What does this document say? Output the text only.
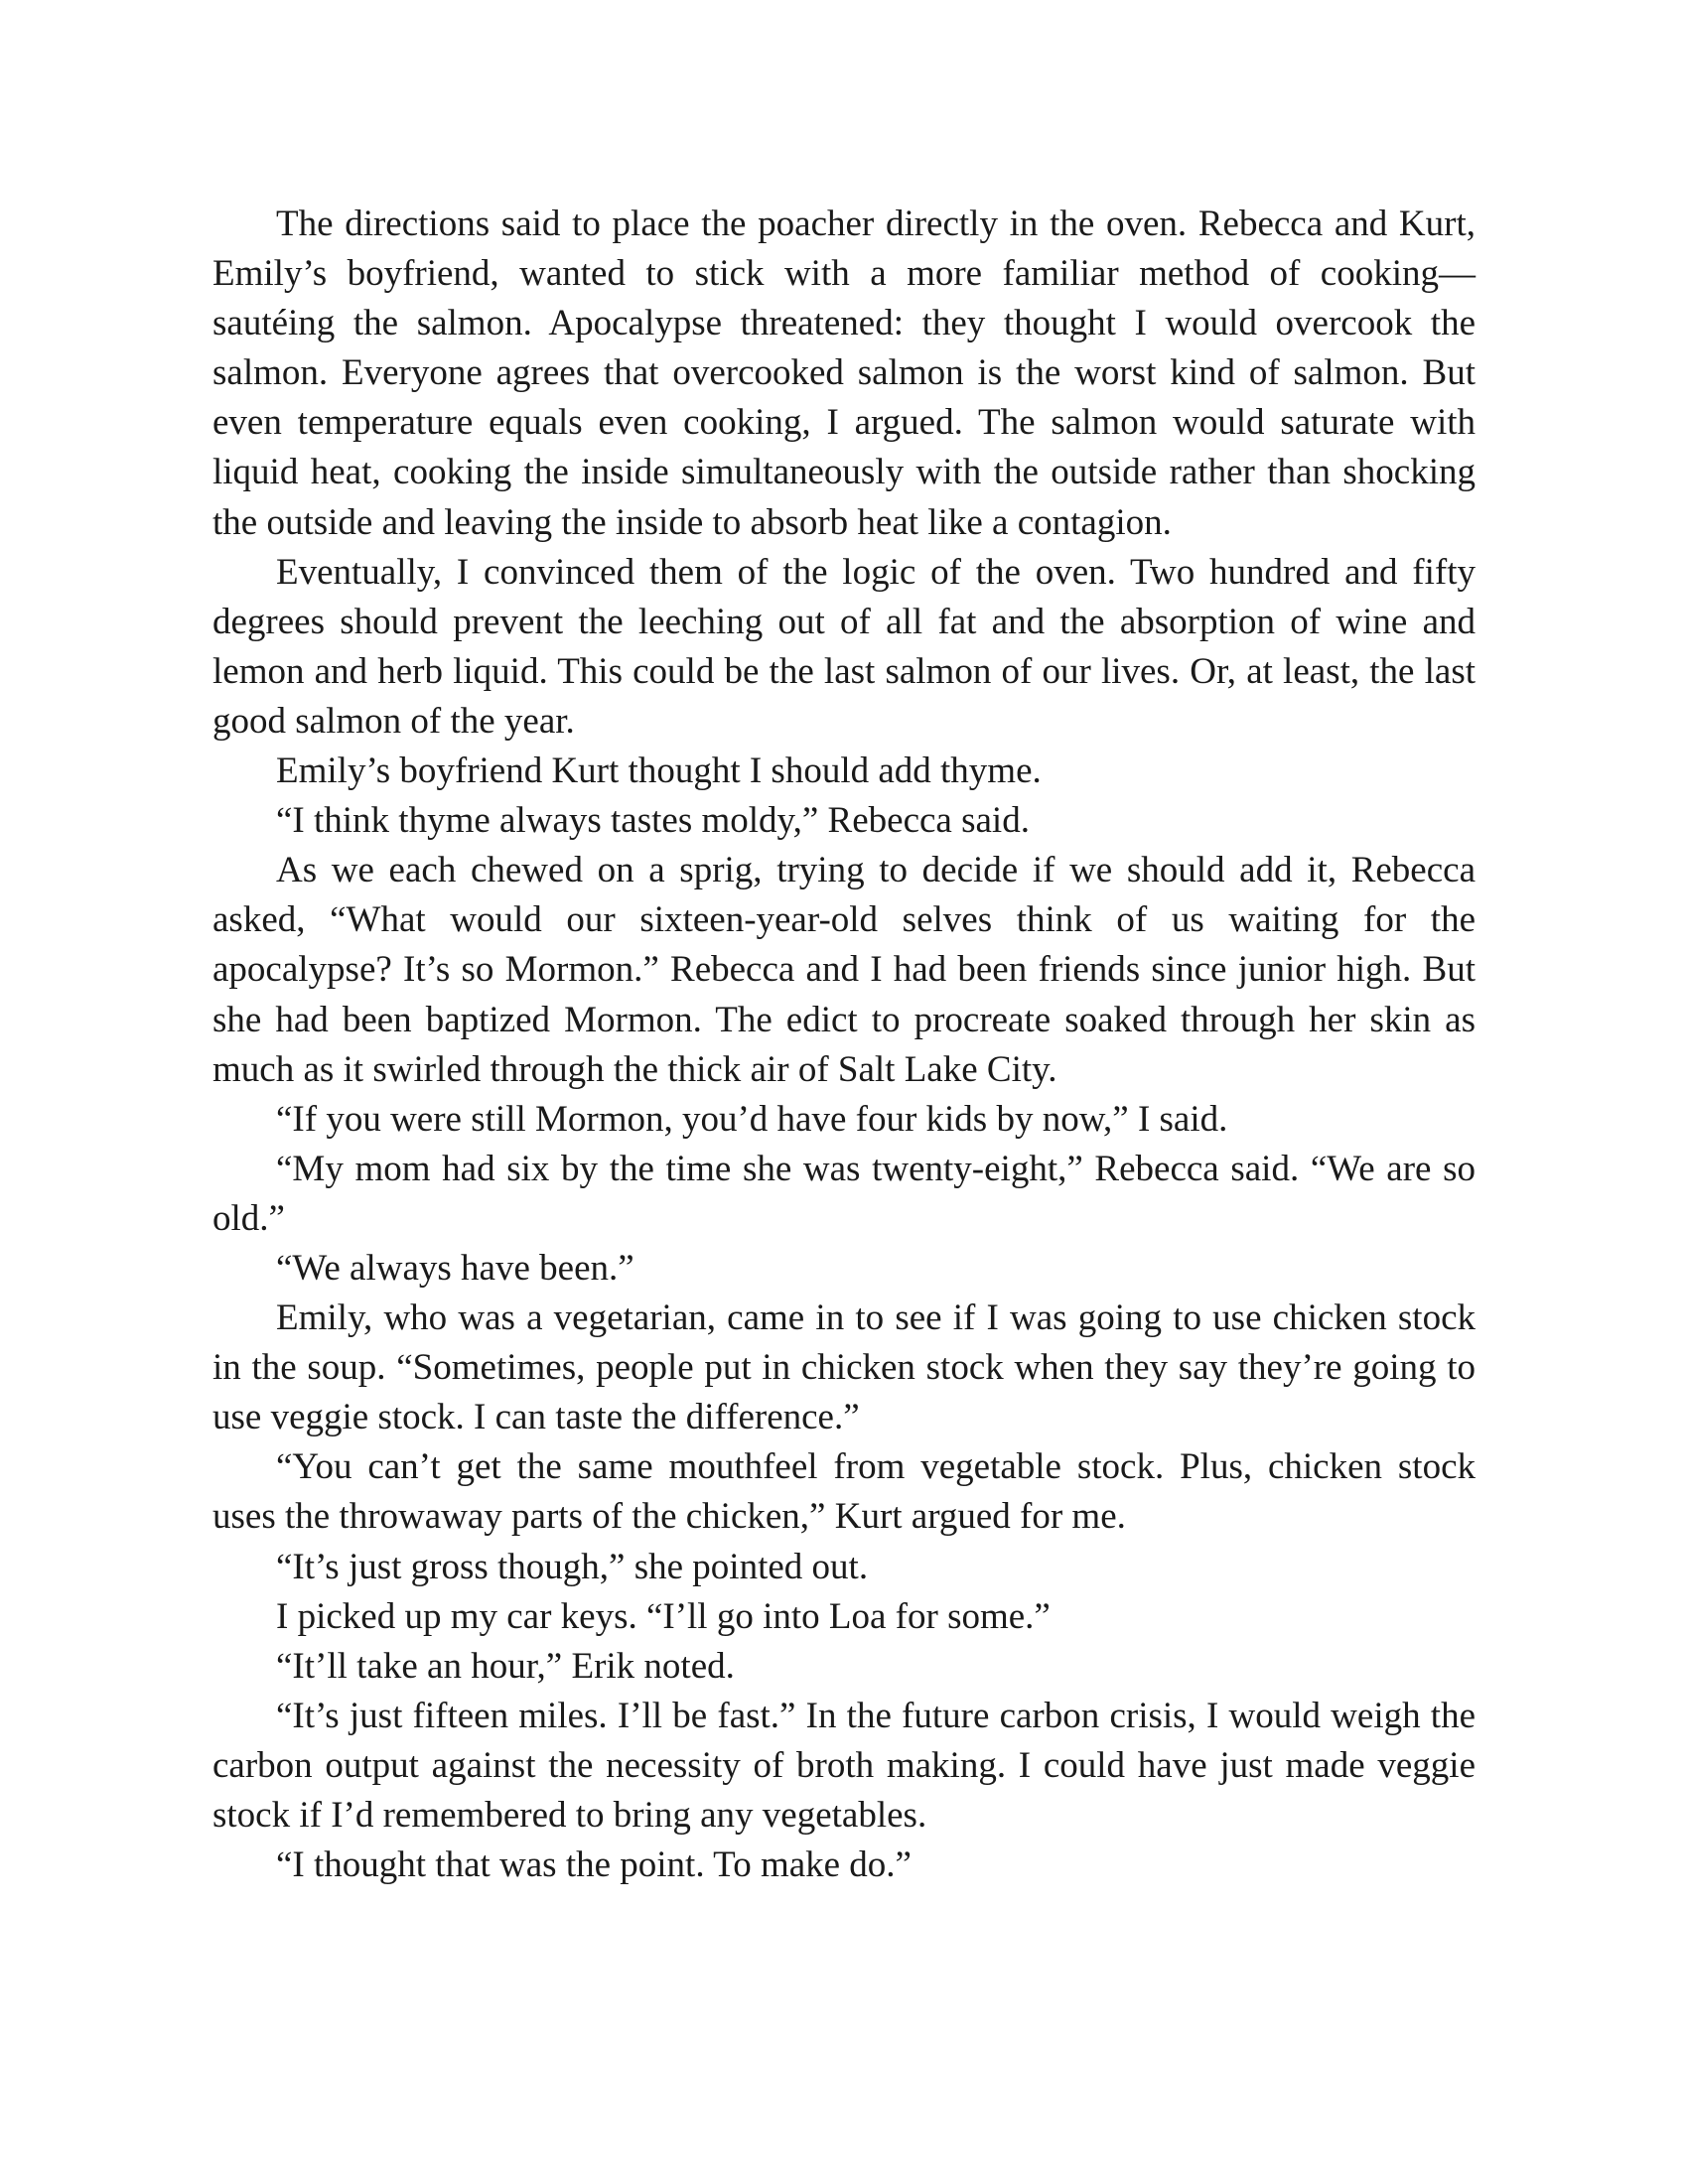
The directions said to place the poacher directly in the oven. Rebecca and Kurt, Emily’s boyfriend, wanted to stick with a more familiar method of cooking—sautéing the salmon. Apocalypse threatened: they thought I would overcook the salmon. Everyone agrees that overcooked salmon is the worst kind of salmon. But even temperature equals even cooking, I argued. The salmon would saturate with liquid heat, cooking the inside simultaneously with the outside rather than shocking the outside and leaving the inside to absorb heat like a contagion.

Eventually, I convinced them of the logic of the oven. Two hundred and fifty degrees should prevent the leeching out of all fat and the absorption of wine and lemon and herb liquid. This could be the last salmon of our lives. Or, at least, the last good salmon of the year.

Emily’s boyfriend Kurt thought I should add thyme.

“I think thyme always tastes moldy,” Rebecca said.

As we each chewed on a sprig, trying to decide if we should add it, Rebecca asked, “What would our sixteen-year-old selves think of us waiting for the apocalypse? It’s so Mormon.” Rebecca and I had been friends since junior high. But she had been baptized Mormon. The edict to procreate soaked through her skin as much as it swirled through the thick air of Salt Lake City.

“If you were still Mormon, you’d have four kids by now,” I said.

“My mom had six by the time she was twenty-eight,” Rebecca said. “We are so old.”

“We always have been.”

Emily, who was a vegetarian, came in to see if I was going to use chicken stock in the soup. “Sometimes, people put in chicken stock when they say they’re going to use veggie stock. I can taste the difference.”

“You can’t get the same mouthfeel from vegetable stock. Plus, chicken stock uses the throwaway parts of the chicken,” Kurt argued for me.

“It’s just gross though,” she pointed out.

I picked up my car keys. “I’ll go into Loa for some.”

“It’ll take an hour,” Erik noted.

“It’s just fifteen miles. I’ll be fast.” In the future carbon crisis, I would weigh the carbon output against the necessity of broth making. I could have just made veggie stock if I’d remembered to bring any vegetables.

“I thought that was the point. To make do.”
